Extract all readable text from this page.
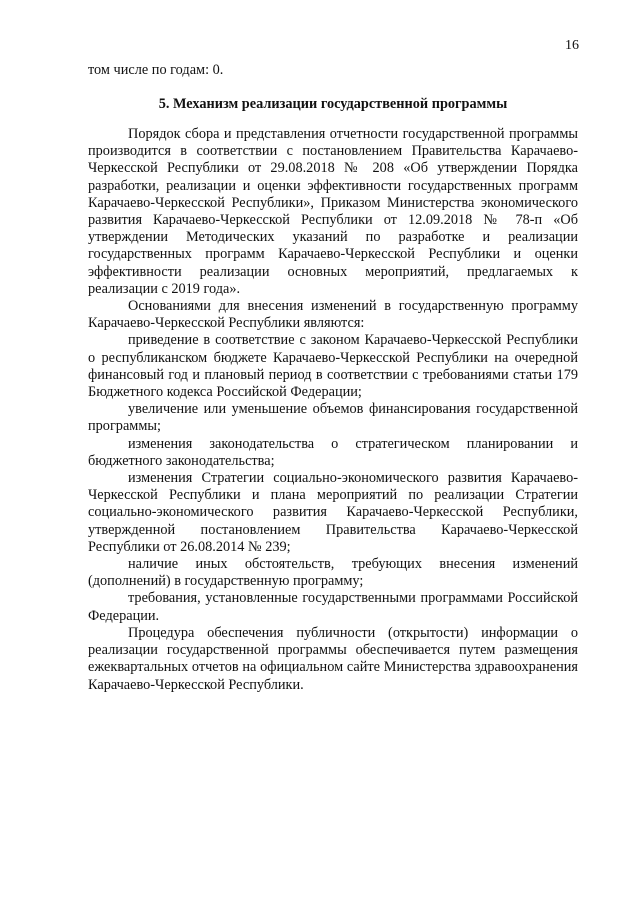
16
том числе по годам: 0.
5. Механизм реализации государственной программы

Порядок сбора и представления отчетности государственной программы производится в соответствии с постановлением Правительства Карачаево-Черкесской Республики от 29.08.2018 № 208 «Об утверждении Порядка разработки, реализации и оценки эффективности государственных программ Карачаево-Черкесской Республики», Приказом Министерства экономического развития Карачаево-Черкесской Республики от 12.09.2018 № 78-п «Об утверждении Методических указаний по разработке и реализации государственных программ Карачаево-Черкесской Республики и оценки эффективности реализации основных мероприятий, предлагаемых к реализации с 2019 года».

Основаниями для внесения изменений в государственную программу Карачаево-Черкесской Республики являются:

приведение в соответствие с законом Карачаево-Черкесской Республики о республиканском бюджете Карачаево-Черкесской Республики на очередной финансовый год и плановый период в соответствии с требованиями статьи 179 Бюджетного кодекса Российской Федерации;

увеличение или уменьшение объемов финансирования государственной программы;

изменения законодательства о стратегическом планировании и бюджетного законодательства;

изменения Стратегии социально-экономического развития Карачаево-Черкесской Республики и плана мероприятий по реализации Стратегии социально-экономического развития Карачаево-Черкесской Республики, утвержденной постановлением Правительства Карачаево-Черкесской Республики от 26.08.2014 № 239;

наличие иных обстоятельств, требующих внесения изменений (дополнений) в государственную программу;

требования, установленные государственными программами Российской Федерации.

Процедура обеспечения публичности (открытости) информации о реализации государственной программы обеспечивается путем размещения ежеквартальных отчетов на официальном сайте Министерства здравоохранения Карачаево-Черкесской Республики.
